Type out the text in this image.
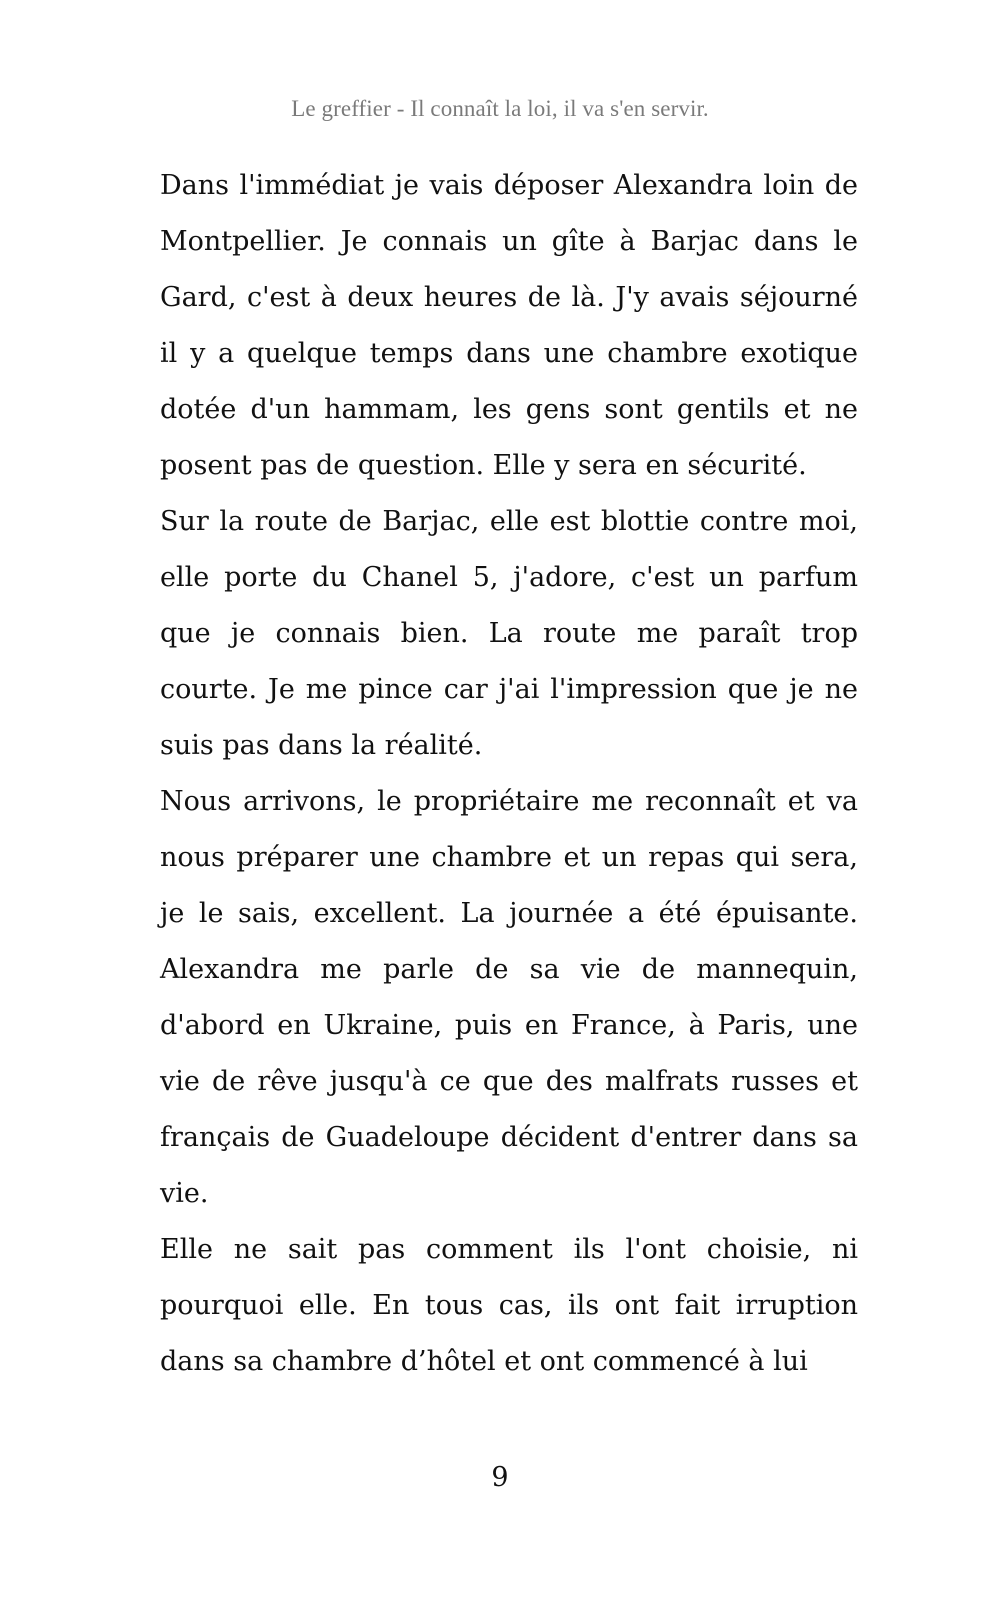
Le greffier - Il connaît la loi, il va s'en servir.

Dans l'immédiat je vais déposer Alexandra loin de Montpellier. Je connais un gîte à Barjac dans le Gard, c'est à deux heures de là. J'y avais séjourné il y a quelque temps dans une chambre exotique dotée d'un hammam, les gens sont gentils et ne posent pas de question. Elle y sera en sécurité.

Sur la route de Barjac, elle est blottie contre moi, elle porte du Chanel 5, j'adore, c'est un parfum que je connais bien. La route me paraît trop courte. Je me pince car j'ai l'impression que je ne suis pas dans la réalité.

Nous arrivons, le propriétaire me reconnaît et va nous préparer une chambre et un repas qui sera, je le sais, excellent. La journée a été épuisante. Alexandra me parle de sa vie de mannequin, d'abord en Ukraine, puis en France, à Paris, une vie de rêve jusqu'à ce que des malfrats russes et français de Guadeloupe décident d'entrer dans sa vie.

Elle ne sait pas comment ils l'ont choisie, ni pourquoi elle. En tous cas, ils ont fait irruption dans sa chambre d’hôtel et ont commencé à lui

9
